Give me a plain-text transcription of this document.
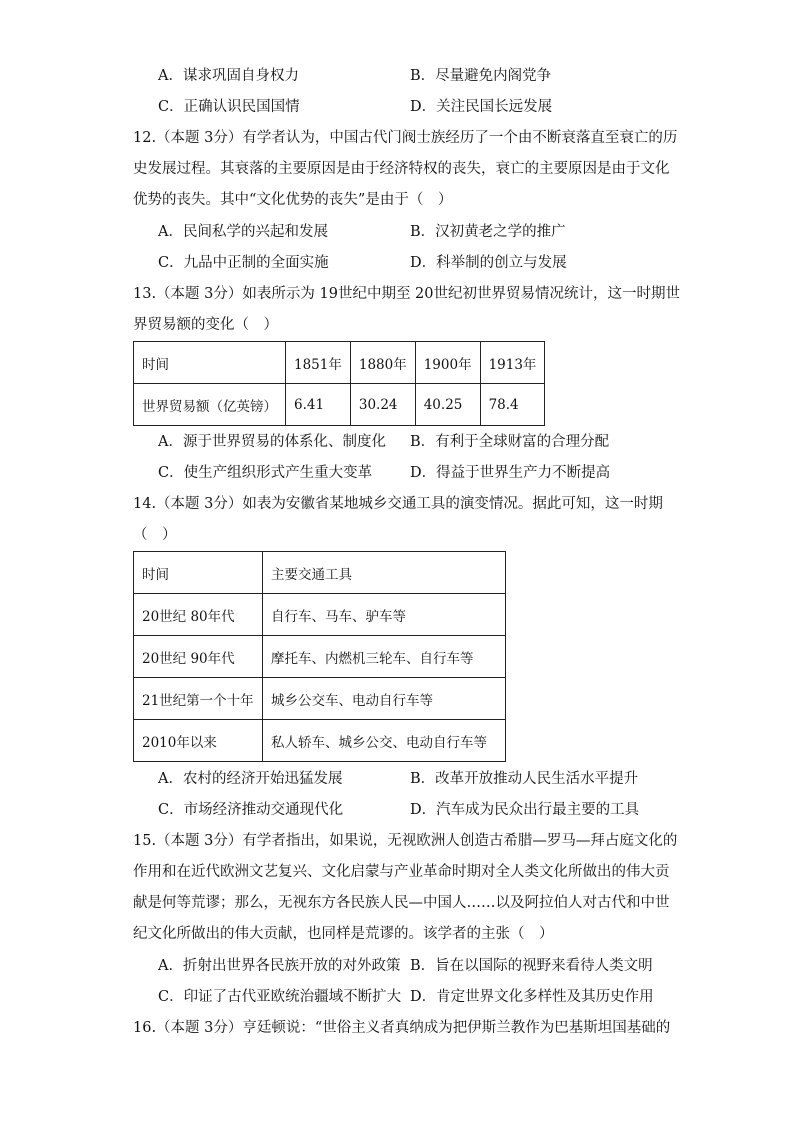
A．谋求巩固自身权力	B．尽量避免内阁党争
C．正确认识民国国情	D．关注民国长远发展
12.（本题 3分）有学者认为，中国古代门阀士族经历了一个由不断衰落直至衰亡的历
史发展过程。其衰落的主要原因是由于经济特权的丧失，衰亡的主要原因是由于文化
优势的丧失。其中“文化优势的丧失”是由于（　）
A．民间私学的兴起和发展	B．汉初黄老之学的推广
C．九品中正制的全面实施	D．科举制的创立与发展
13.（本题 3分）如表所示为 19世纪中期至 20世纪初世界贸易情况统计，这一时期世
界贸易额的变化（　）
时间	1851年	1880年	1900年	1913年
世界贸易额（亿英镑）	6.41	30.24	40.25	78.4
A．源于世界贸易的体系化、制度化 B．有利于全球财富的合理分配
C．使生产组织形式产生重大变革	D．得益于世界生产力不断提高
14.（本题 3分）如表为安徽省某地城乡交通工具的演变情况。据此可知，这一时期
（　）
时间	主要交通工具
20世纪 80年代	自行车、马车、驴车等
20世纪 90年代	摩托车、内燃机三轮车、自行车等
21世纪第一个十年	城乡公交车、电动自行车等
2010年以来	私人轿车、城乡公交、电动自行车等
A．农村的经济开始迅猛发展	B．改革开放推动人民生活水平提升
C．市场经济推动交通现代化	D．汽车成为民众出行最主要的工具
15.（本题 3分）有学者指出，如果说，无视欧洲人创造古希腊—罗马—拜占庭文化的
作用和在近代欧洲文艺复兴、文化启蒙与产业革命时期对全人类文化所做出的伟大贡
献是何等荒谬；那么，无视东方各民族人民—中国人……以及阿拉伯人对古代和中世
纪文化所做出的伟大贡献，也同样是荒谬的。该学者的主张（　）
A．折射出世界各民族开放的对外政策 B．旨在以国际的视野来看待人类文明
C．印证了古代亚欧统治疆域不断扩大 D．肯定世界文化多样性及其历史作用
16.（本题 3分）亨廷顿说：“世俗主义者真纳成为把伊斯兰教作为巴基斯坦国基础的
